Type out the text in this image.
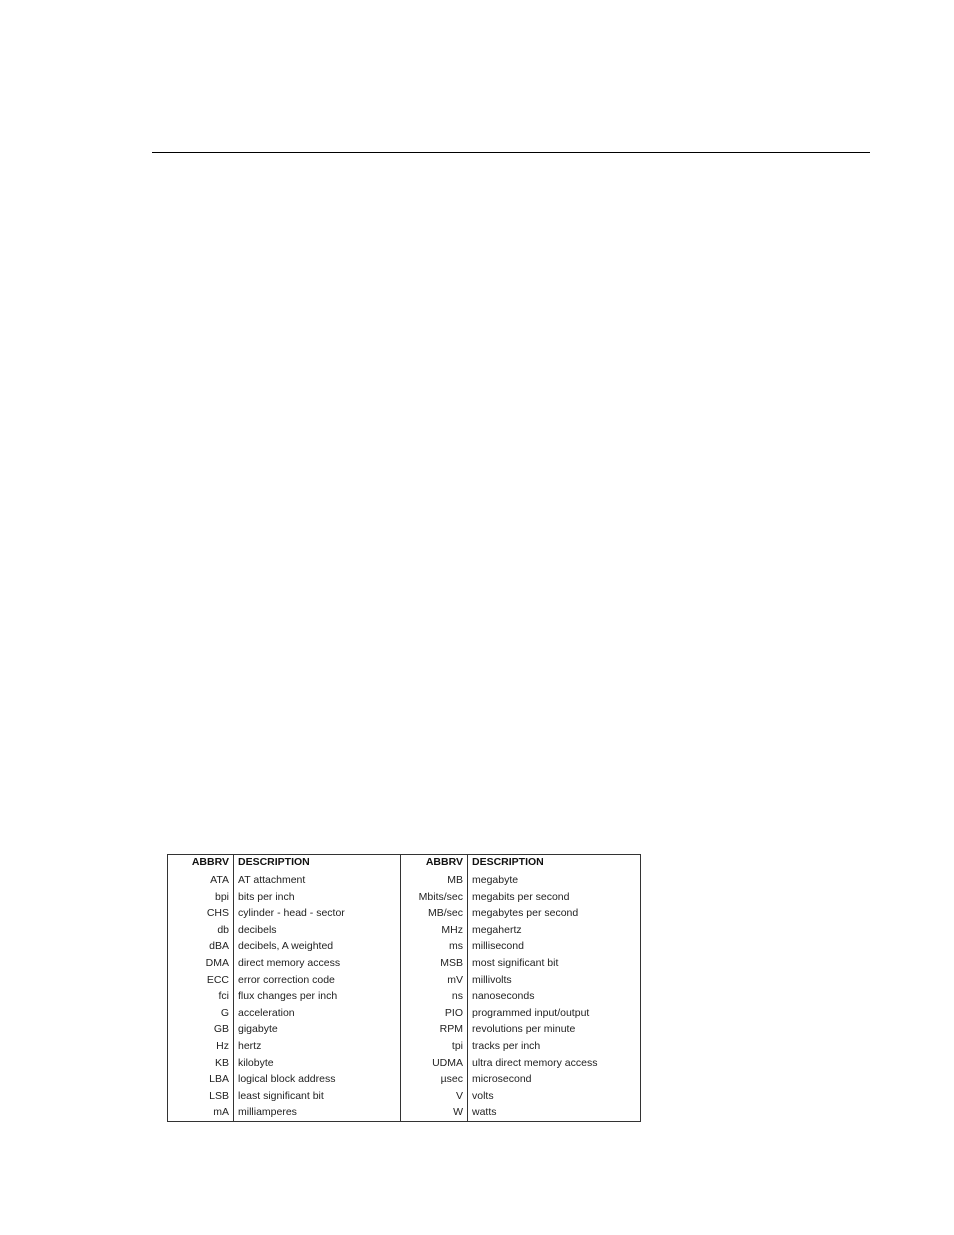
ABBRV	DESCRIPTION	ABBRV	DESCRIPTION
ATA	AT attachment	MB	megabyte
bpi	bits per inch	Mbits/sec	megabits per second
CHS	cylinder - head - sector	MB/sec	megabytes per second
db	decibels	MHz	megahertz
dBA	decibels, A weighted	ms	millisecond
DMA	direct memory access	MSB	most significant bit
ECC	error correction code	mV	millivolts
fci	flux changes per inch	ns	nanoseconds
G	acceleration	PIO	programmed input/output
GB	gigabyte	RPM	revolutions per minute
Hz	hertz	tpi	tracks per inch
KB	kilobyte	UDMA	ultra direct memory access
LBA	logical block address	µsec	microsecond
LSB	least significant bit	V	volts
mA	milliamperes	W	watts
